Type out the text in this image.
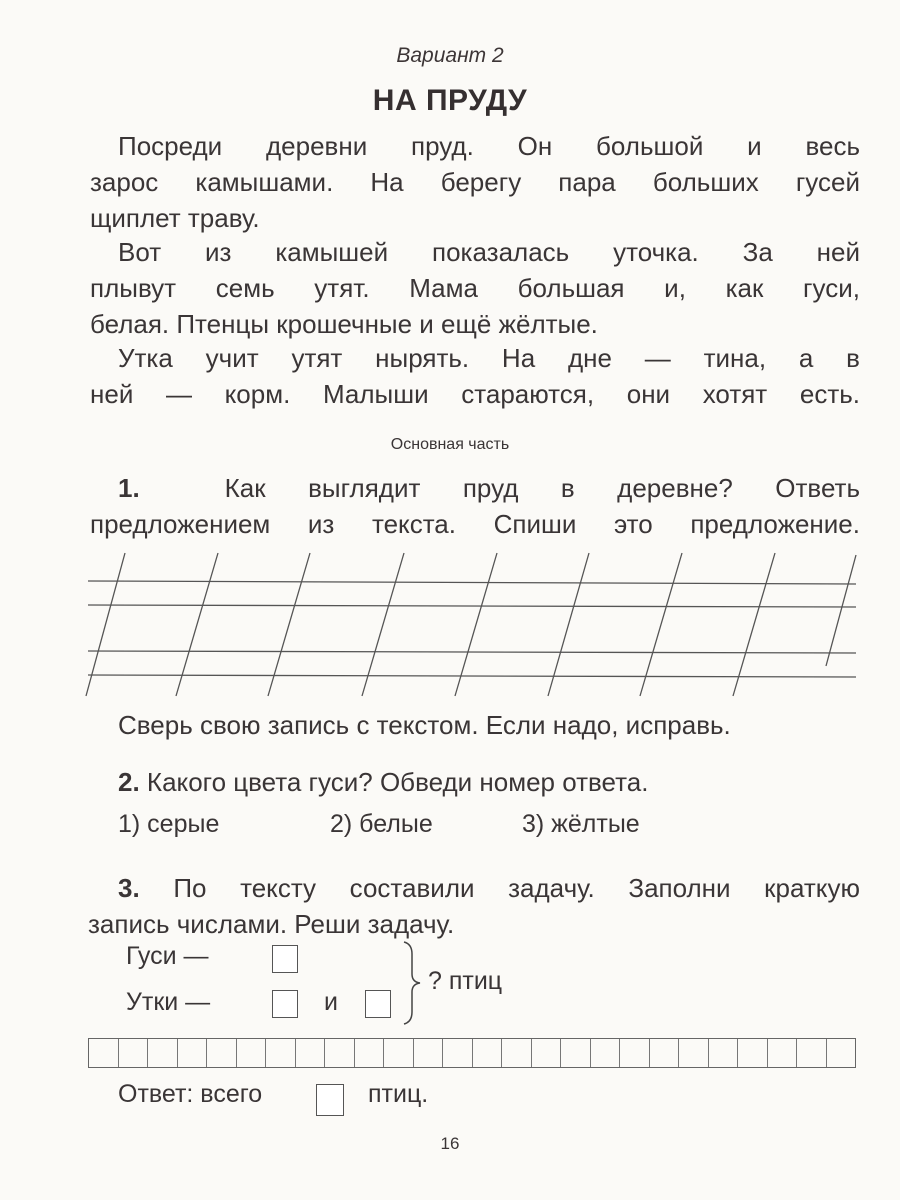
Вариант 2
НА ПРУДУ
Посреди деревни пруд. Он большой и весь
зарос камышами. На берегу пара больших гусей
щиплет траву.
Вот из камышей показалась уточка. За ней
плывут семь утят. Мама большая и, как гуси,
белая. Птенцы крошечные и ещё жёлтые.
Утка учит утят нырять. На дне — тина, а в
ней — корм. Малыши стараются, они хотят есть.
Основная часть
1.	Как выглядит пруд в деревне? Ответь
предложением из текста. Спиши это предложение.
Сверь свою запись с текстом. Если надо, исправь.
2. Какого цвета гуси? Обведи номер ответа.
1) серые	2) белые	3) жёлтые
3. По тексту составили задачу. Заполни краткую
запись числами. Реши задачу.
Гуси —
Утки —	и
? птиц
Ответ: всего	птиц.
16
